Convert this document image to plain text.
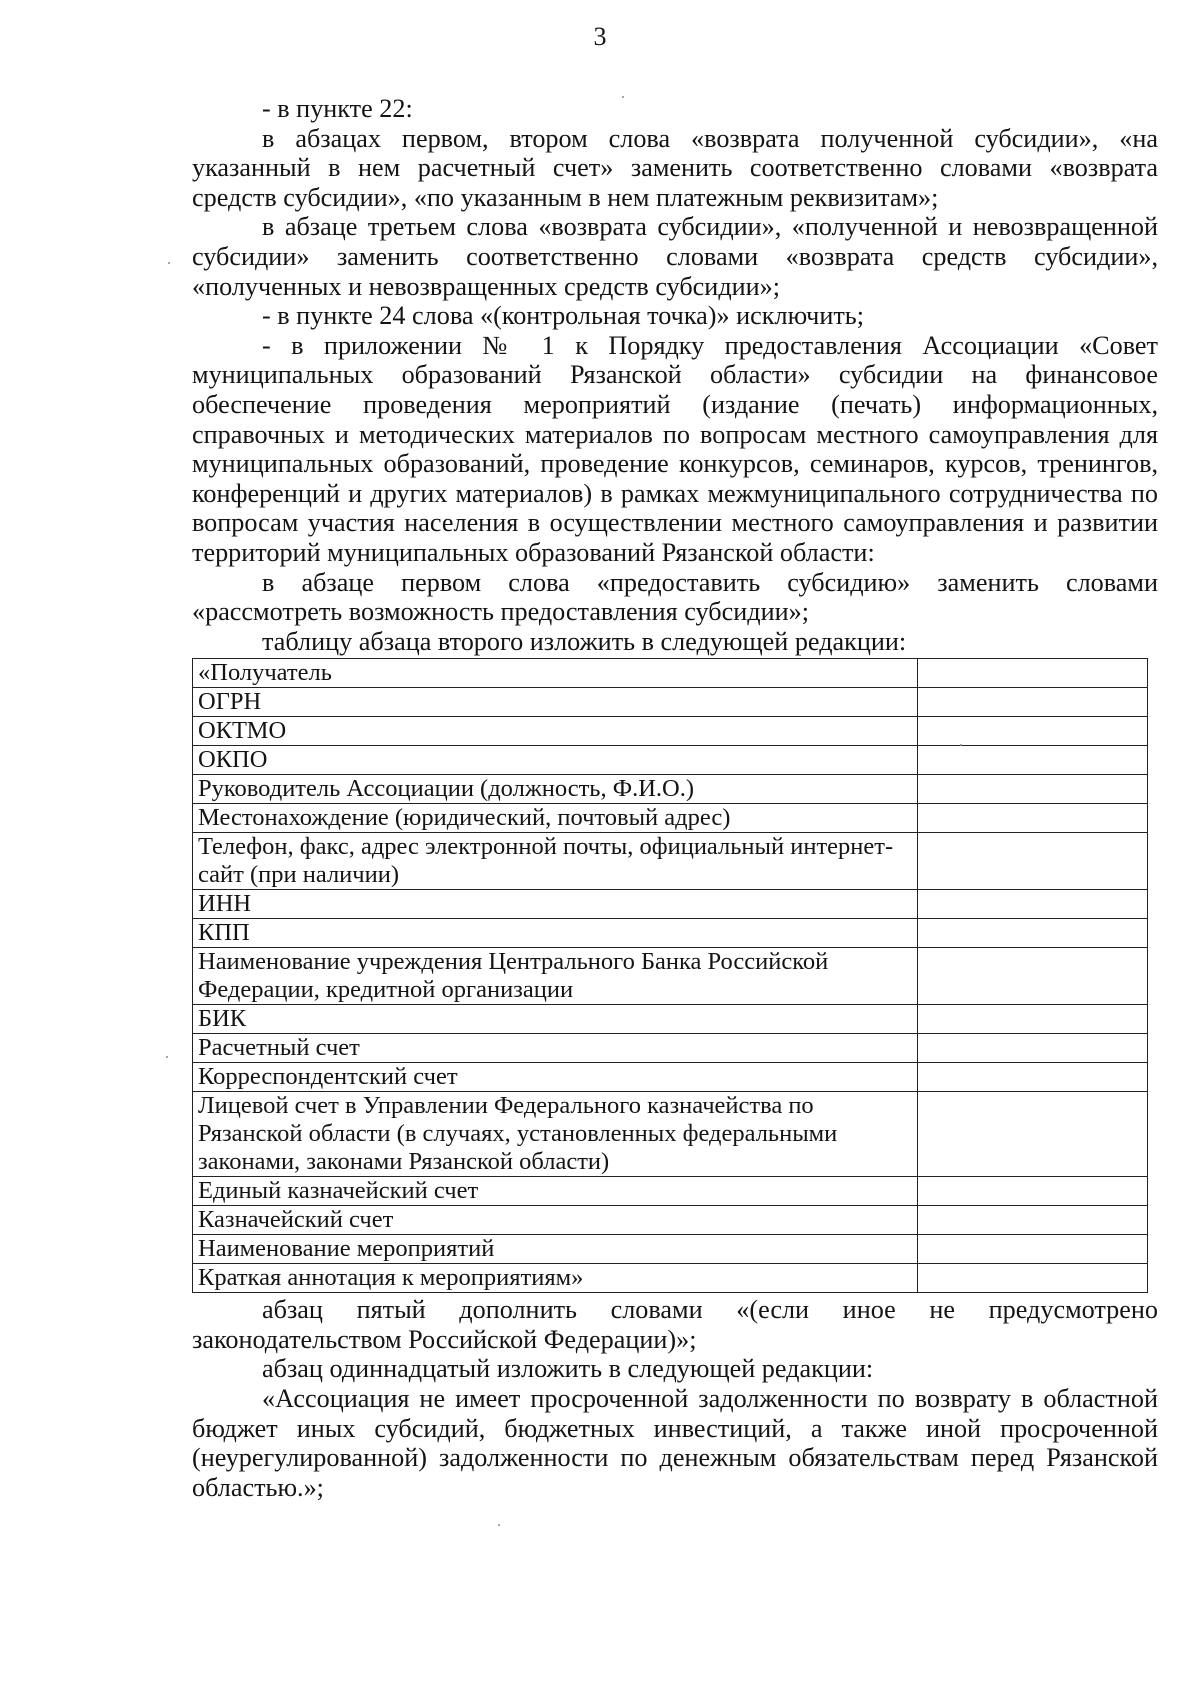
3

- в пункте 22:

в абзацах первом, втором слова «возврата полученной субсидии», «на указанный в нем расчетный счет» заменить соответственно словами «возврата средств субсидии», «по указанным в нем платежным реквизитам»;

в абзаце третьем слова «возврата субсидии», «полученной и невозвращенной субсидии» заменить соответственно словами «возврата средств субсидии», «полученных и невозвращенных средств субсидии»;

- в пункте 24 слова «(контрольная точка)» исключить;

- в приложении № 1 к Порядку предоставления Ассоциации «Совет муниципальных образований Рязанской области» субсидии на финансовое обеспечение проведения мероприятий (издание (печать) информационных, справочных и методических материалов по вопросам местного самоуправления для муниципальных образований, проведение конкурсов, семинаров, курсов, тренингов, конференций и других материалов) в рамках межмуниципального сотрудничества по вопросам участия населения в осуществлении местного самоуправления и развитии территорий муниципальных образований Рязанской области:

в абзаце первом слова «предоставить субсидию» заменить словами «рассмотреть возможность предоставления субсидии»;

таблицу абзаца второго изложить в следующей редакции:

«Получатель	
ОГРН	
ОКТМО	
ОКПО	
Руководитель Ассоциации (должность, Ф.И.О.)	
Местонахождение (юридический, почтовый адрес)	
Телефон, факс, адрес электронной почты, официальный интернет-сайт (при наличии)	
ИНН	
КПП	
Наименование учреждения Центрального Банка Российской Федерации, кредитной организации	
БИК	
Расчетный счет	
Корреспондентский счет	
Лицевой счет в Управлении Федерального казначейства по Рязанской области (в случаях, установленных федеральными законами, законами Рязанской области)	
Единый казначейский счет	
Казначейский счет	
Наименование мероприятий	
Краткая аннотация к мероприятиям»	

абзац пятый дополнить словами «(если иное не предусмотрено законодательством Российской Федерации)»;

абзац одиннадцатый изложить в следующей редакции:

«Ассоциация не имеет просроченной задолженности по возврату в областной бюджет иных субсидий, бюджетных инвестиций, а также иной просроченной (неурегулированной) задолженности по денежным обязательствам перед Рязанской областью.»;
